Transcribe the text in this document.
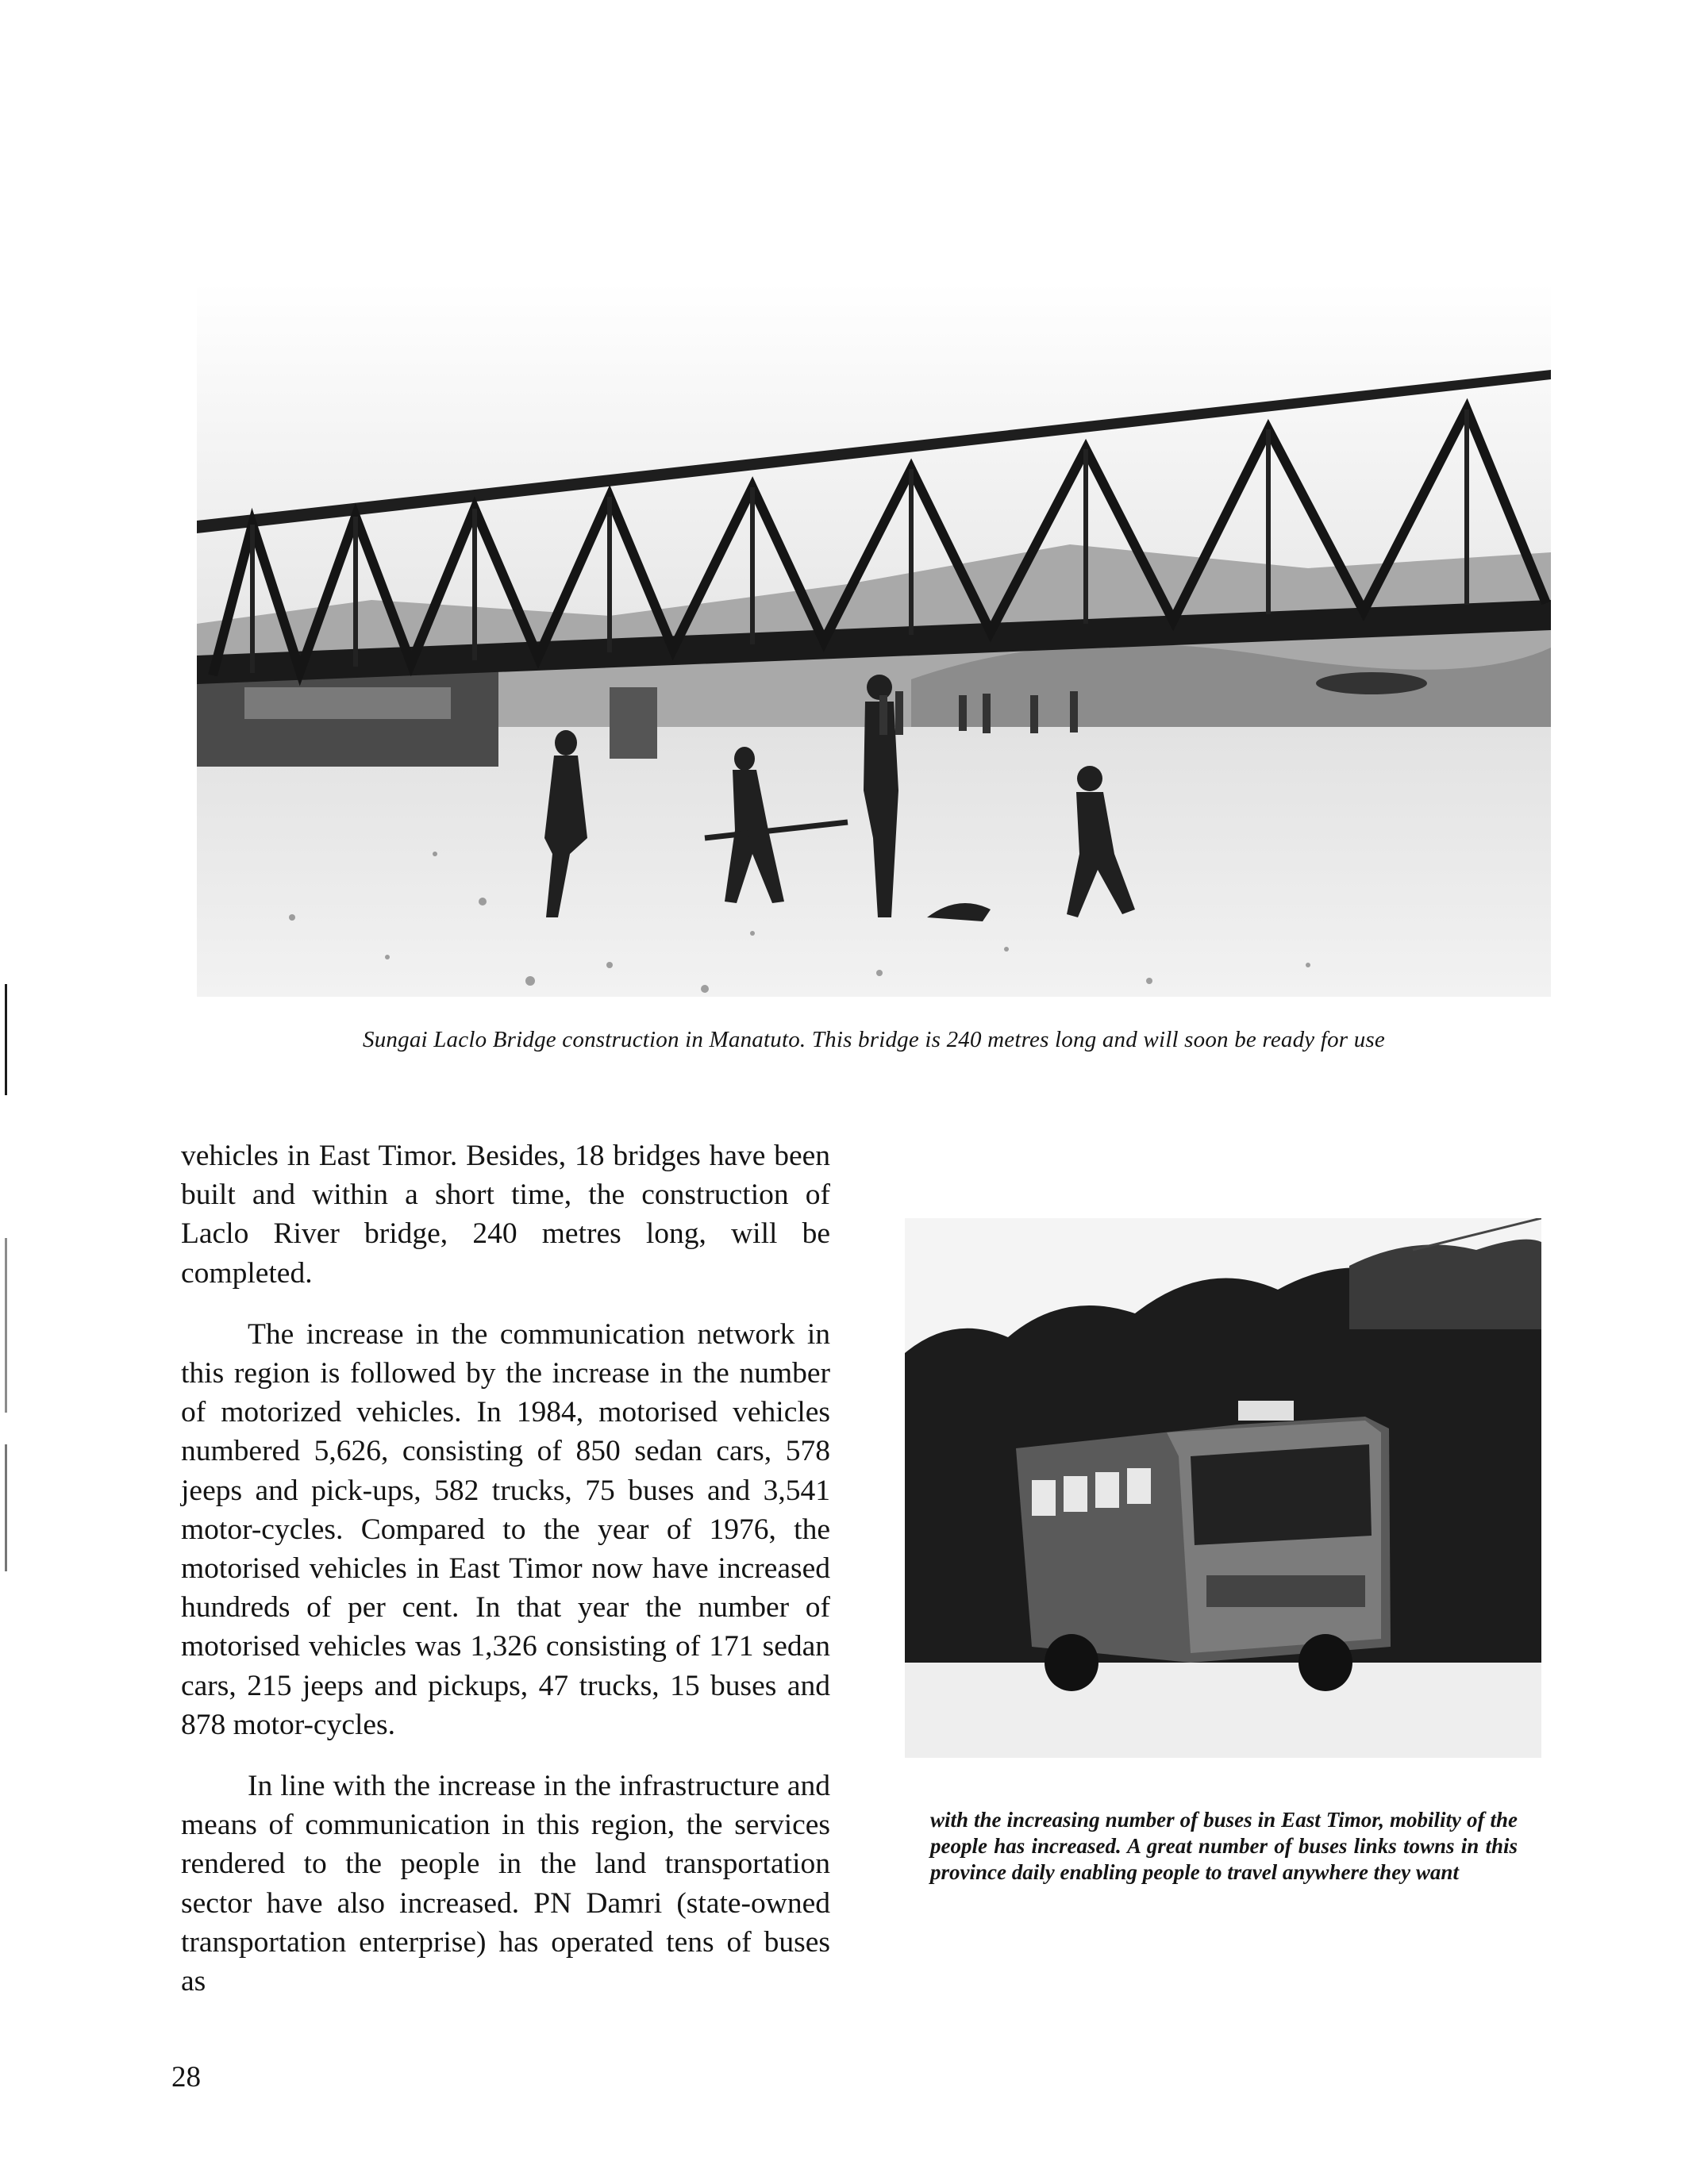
Sungai Laclo Bridge construction in Manatuto. This bridge is 240 metres long and will soon be ready for use

vehicles in East Timor. Besides, 18 bridges have been built and within a short time, the construction of Laclo River bridge, 240 metres long, will be completed.

The increase in the communication network in this region is followed by the increase in the number of motorized vehicles. In 1984, motorised vehicles numbered 5,626, consisting of 850 sedan cars, 578 jeeps and pick-ups, 582 trucks, 75 buses and 3,541 motor-cycles. Compared to the year of 1976, the motorised vehicles in East Timor now have increased hundreds of per cent. In that year the number of motorised vehicles was 1,326 consisting of 171 sedan cars, 215 jeeps and pickups, 47 trucks, 15 buses and 878 motor-cycles.

In line with the increase in the infrastructure and means of communication in this region, the services rendered to the people in the land transportation sector have also increased. PN Damri (state-owned transportation enterprise) has operated tens of buses as

with the increasing number of buses in East Timor, mobility of the people has increased. A great number of buses links towns in this province daily enabling people to travel anywhere they want
28
